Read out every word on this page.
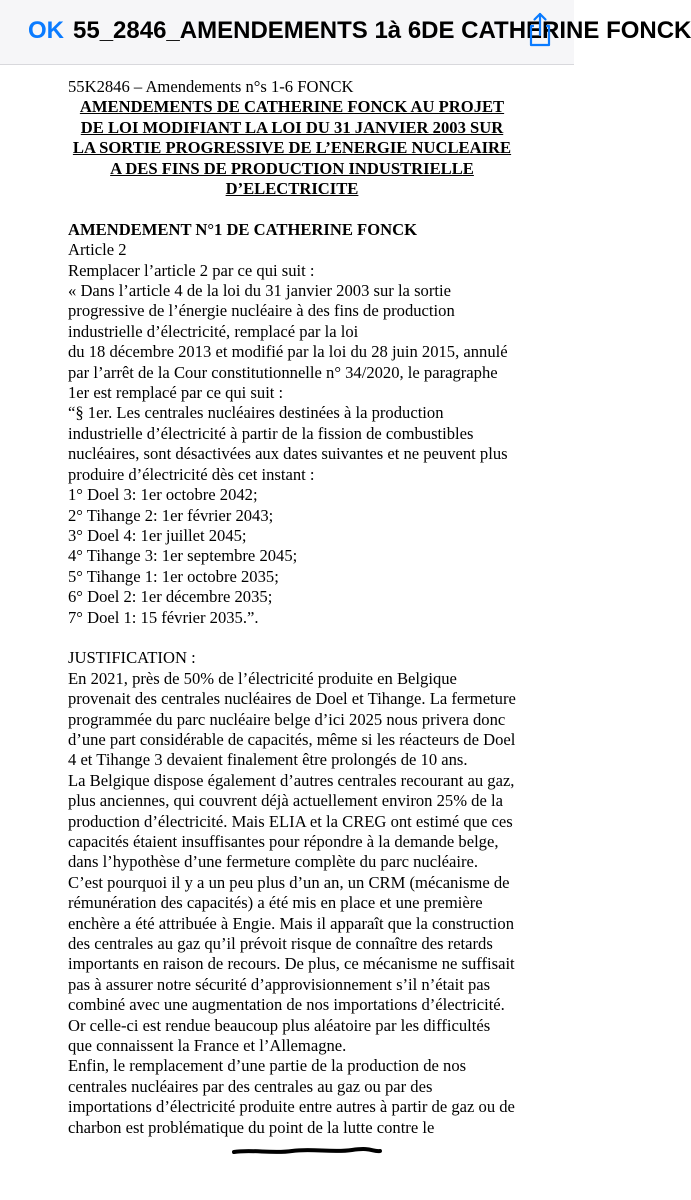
OK 55_2846_AMENDEMENTS 1à 6DE CATHERINE FONCK

55K2846 – Amendements n°s 1-6 FONCK

AMENDEMENTS DE CATHERINE FONCK AU PROJET DE LOI MODIFIANT LA LOI DU 31 JANVIER 2003 SUR LA SORTIE PROGRESSIVE DE L’ENERGIE NUCLEAIRE A DES FINS DE PRODUCTION INDUSTRIELLE D’ELECTRICITE

AMENDEMENT N°1 DE CATHERINE FONCK

Article 2

Remplacer l’article 2 par ce qui suit :

« Dans l’article 4 de la loi du 31 janvier 2003 sur la sortie progressive de l’énergie nucléaire à des fins de production industrielle d’électricité, remplacé par la loi

du 18 décembre 2013 et modifié par la loi du 28 juin 2015, annulé par l’arrêt de la Cour constitutionnelle n° 34/2020, le paragraphe 1er est remplacé par ce qui suit :

“§ 1er. Les centrales nucléaires destinées à la production industrielle d’électricité à partir de la fission de combustibles nucléaires, sont désactivées aux dates suivantes et ne peuvent plus produire d’électricité dès cet instant :

1° Doel 3: 1er octobre 2042;

2° Tihange 2: 1er février 2043;

3° Doel 4: 1er juillet 2045;

4° Tihange 3: 1er septembre 2045;

5° Tihange 1: 1er octobre 2035;

6° Doel 2: 1er décembre 2035;

7° Doel 1: 15 février 2035.”.

JUSTIFICATION :

En 2021, près de 50% de l’électricité produite en Belgique provenait des centrales nucléaires de Doel et Tihange. La fermeture programmée du parc nucléaire belge d’ici 2025 nous privera donc d’une part considérable de capacités, même si les réacteurs de Doel 4 et Tihange 3 devaient finalement être prolongés de 10 ans.

La Belgique dispose également d’autres centrales recourant au gaz, plus anciennes, qui couvrent déjà actuellement environ 25% de la production d’électricité. Mais ELIA et la CREG ont estimé que ces capacités étaient insuffisantes pour répondre à la demande belge, dans l’hypothèse d’une fermeture complète du parc nucléaire.

C’est pourquoi il y a un peu plus d’un an, un CRM (mécanisme de rémunération des capacités) a été mis en place et une première enchère a été attribuée à Engie. Mais il apparaît que la construction des centrales au gaz qu’il prévoit risque de connaître des retards importants en raison de recours. De plus, ce mécanisme ne suffisait pas à assurer notre sécurité d’approvisionnement s’il n’était pas combiné avec une augmentation de nos importations d’électricité. Or celle-ci est rendue beaucoup plus aléatoire par les difficultés que connaissent la France et l’Allemagne.

Enfin, le remplacement d’une partie de la production de nos centrales nucléaires par des centrales au gaz ou par des importations d’électricité produite entre autres à partir de gaz ou de charbon est problématique du point de la lutte contre le
